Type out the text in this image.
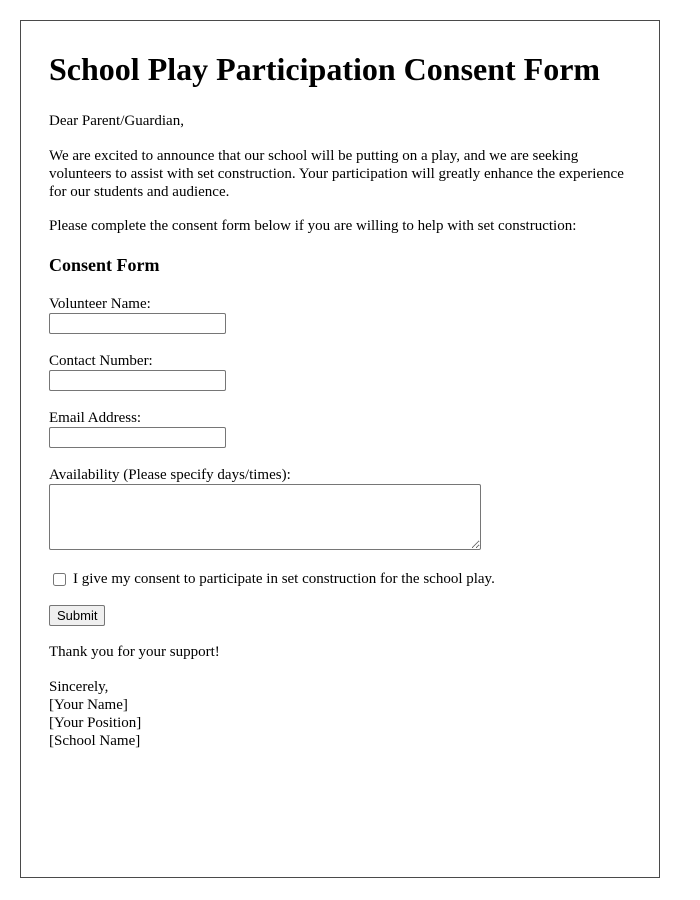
School Play Participation Consent Form

Dear Parent/Guardian,

We are excited to announce that our school will be putting on a play, and we are seeking volunteers to assist with set construction. Your participation will greatly enhance the experience for our students and audience.

Please complete the consent form below if you are willing to help with set construction:

Consent Form
Volunteer Name:
Contact Number:
Email Address:
Availability (Please specify days/times):
I give my consent to participate in set construction for the school play.
Submit

Thank you for your support!

Sincerely,
[Your Name]
[Your Position]
[School Name]
